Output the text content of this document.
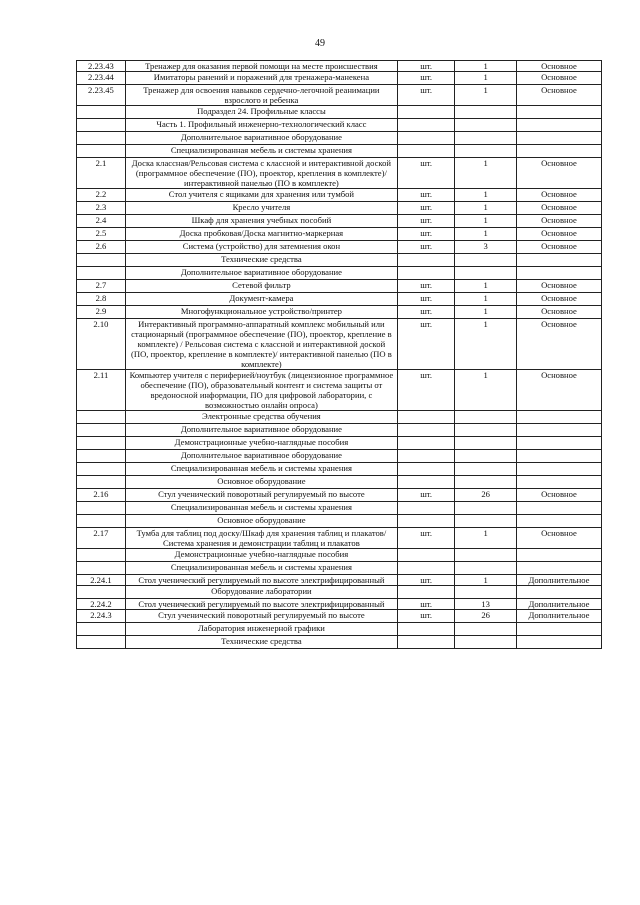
49
2.23.43	Тренажер для оказания первой помощи на месте происшествия	шт.	1	Основное
2.23.44	Имитаторы ранений и поражений для тренажера-манекена	шт.	1	Основное
2.23.45	Тренажер для освоения навыков сердечно-легочной реанимации взрослого и ребенка	шт.	1	Основное
	Подраздел 24. Профильные классы			
	Часть 1. Профильный инженерно-технологический класс			
	Дополнительное вариативное оборудование			
	Специализированная мебель и системы хранения			
2.1	Доска классная/Рельсовая система с классной и интерактивной доской (программное обеспечение (ПО), проектор, крепления в комплекте)/ интерактивной панелью (ПО в комплекте)	шт.	1	Основное
2.2	Стол учителя с ящиками для хранения или тумбой	шт.	1	Основное
2.3	Кресло учителя	шт.	1	Основное
2.4	Шкаф для хранения учебных пособий	шт.	1	Основное
2.5	Доска пробковая/Доска магнитно-маркерная	шт.	1	Основное
2.6	Система (устройство) для затемнения окон	шт.	3	Основное
	Технические средства			
	Дополнительное вариативное оборудование			
2.7	Сетевой фильтр	шт.	1	Основное
2.8	Документ-камера	шт.	1	Основное
2.9	Многофункциональное устройство/принтер	шт.	1	Основное
2.10	Интерактивный программно-аппаратный комплекс мобильный или стационарный (программное обеспечение (ПО), проектор, крепление в комплекте) / Рельсовая система с классной и интерактивной доской (ПО, проектор, крепление в комплекте)/ интерактивной панелью (ПО в комплекте)	шт.	1	Основное
2.11	Компьютер учителя с периферией/ноутбук (лицензионное программное обеспечение (ПО), образовательный контент и система защиты от вредоносной информации, ПО для цифровой лаборатории, с возможностью онлайн опроса)	шт.	1	Основное
	Электронные средства обучения			
	Дополнительное вариативное оборудование			
	Демонстрационные учебно-наглядные пособия			
	Дополнительное вариативное оборудование			
	Специализированная мебель и системы хранения			
	Основное оборудование			
2.16	Стул ученический поворотный регулируемый по высоте	шт.	26	Основное
	Специализированная мебель и системы хранения			
	Основное оборудование			
2.17	Тумба для таблиц под доску/Шкаф для хранения таблиц и плакатов/Система хранения и демонстрации таблиц и плакатов	шт.	1	Основное
	Демонстрационные учебно-наглядные пособия			
	Специализированная мебель и системы хранения			
2.24.1	Стол ученический регулируемый по высоте электрифицированный	шт.	1	Дополнительное
	Оборудование лаборатории			
2.24.2	Стол ученический регулируемый по высоте электрифицированный	шт.	13	Дополнительное
2.24.3	Стул ученический поворотный регулируемый по высоте	шт.	26	Дополнительное
	Лаборатория инженерной графики			
	Технические средства			
